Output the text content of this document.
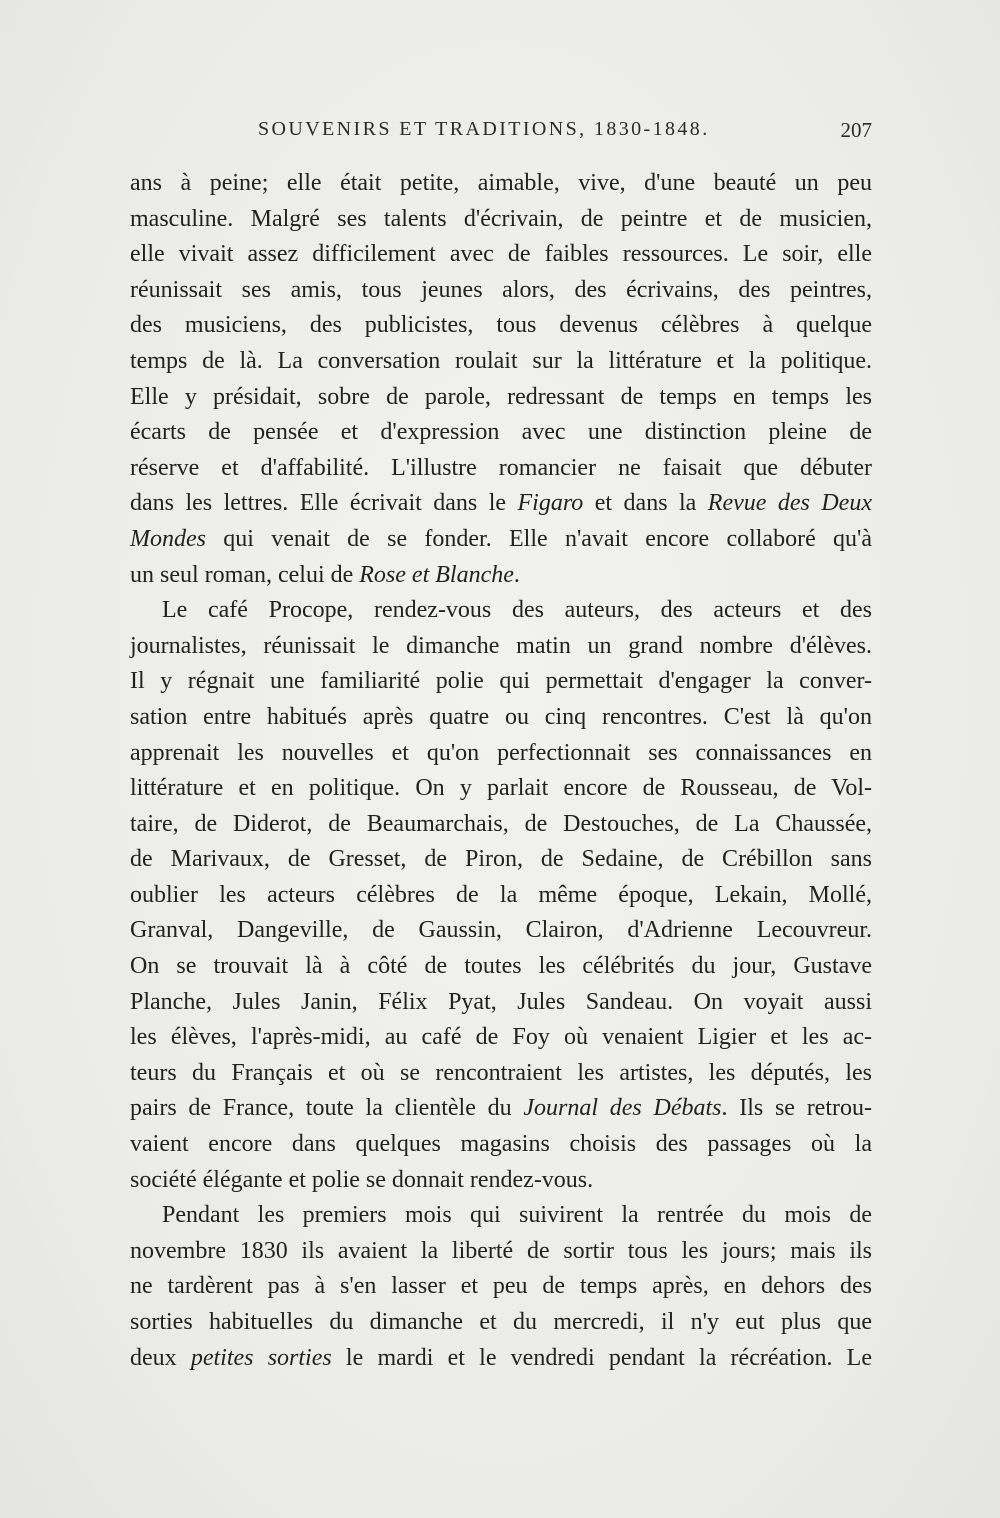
SOUVENIRS ET TRADITIONS, 1830-1848.	207
ans à peine; elle était petite, aimable, vive, d'une beauté un peu
masculine. Malgré ses talents d'écrivain, de peintre et de musicien,
elle vivait assez difficilement avec de faibles ressources. Le soir, elle
réunissait ses amis, tous jeunes alors, des écrivains, des peintres,
des musiciens, des publicistes, tous devenus célèbres à quelque
temps de là. La conversation roulait sur la littérature et la politique.
Elle y présidait, sobre de parole, redressant de temps en temps les
écarts de pensée et d'expression avec une distinction pleine de
réserve et d'affabilité. L'illustre romancier ne faisait que débuter
dans les lettres. Elle écrivait dans le Figaro et dans la Revue des Deux
Mondes qui venait de se fonder. Elle n'avait encore collaboré qu'à
un seul roman, celui de Rose et Blanche.
Le café Procope, rendez-vous des auteurs, des acteurs et des
journalistes, réunissait le dimanche matin un grand nombre d'élèves.
Il y régnait une familiarité polie qui permettait d'engager la conver-
sation entre habitués après quatre ou cinq rencontres. C'est là qu'on
apprenait les nouvelles et qu'on perfectionnait ses connaissances en
littérature et en politique. On y parlait encore de Rousseau, de Vol-
taire, de Diderot, de Beaumarchais, de Destouches, de La Chaussée,
de Marivaux, de Gresset, de Piron, de Sedaine, de Crébillon sans
oublier les acteurs célèbres de la même époque, Lekain, Mollé,
Granval, Dangeville, de Gaussin, Clairon, d'Adrienne Lecouvreur.
On se trouvait là à côté de toutes les célébrités du jour, Gustave
Planche, Jules Janin, Félix Pyat, Jules Sandeau. On voyait aussi
les élèves, l'après-midi, au café de Foy où venaient Ligier et les ac-
teurs du Français et où se rencontraient les artistes, les députés, les
pairs de France, toute la clientèle du Journal des Débats. Ils se retrou-
vaient encore dans quelques magasins choisis des passages où la
société élégante et polie se donnait rendez-vous.
Pendant les premiers mois qui suivirent la rentrée du mois de
novembre 1830 ils avaient la liberté de sortir tous les jours; mais ils
ne tardèrent pas à s'en lasser et peu de temps après, en dehors des
sorties habituelles du dimanche et du mercredi, il n'y eut plus que
deux petites sorties le mardi et le vendredi pendant la récréation. Le
